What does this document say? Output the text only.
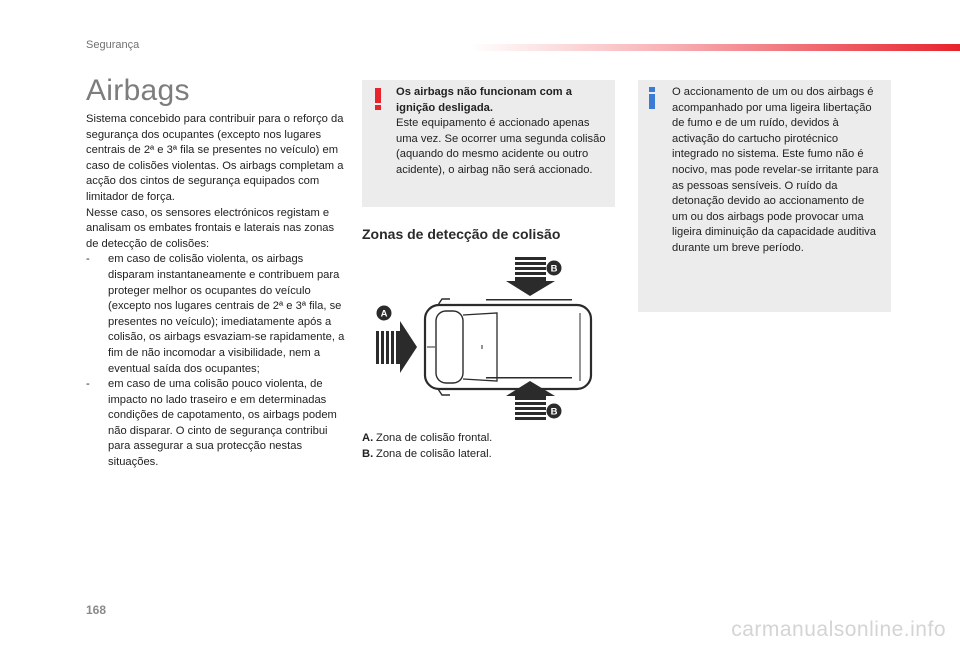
Segurança
Airbags

Sistema concebido para contribuir para o reforço da segurança dos ocupantes (excepto nos lugares centrais de 2ª e 3ª fila se presentes no veículo) em caso de colisões violentas. Os airbags completam a acção dos cintos de segurança equipados com limitador de força.

Nesse caso, os sensores electrónicos registam e analisam os embates frontais e laterais nas zonas de detecção de colisões:

- em caso de colisão violenta, os airbags disparam instantaneamente e contribuem para proteger melhor os ocupantes do veículo (excepto nos lugares centrais de 2ª e 3ª fila, se presentes no veículo); imediatamente após a colisão, os airbags esvaziam-se rapidamente, a fim de não incomodar a visibilidade, nem a eventual saída dos ocupantes;
- em caso de uma colisão pouco violenta, de impacto no lado traseiro e em determinadas condições de capotamento, os airbags podem não disparar. O cinto de segurança contribui para assegurar a sua protecção nestas situações.
Os airbags não funcionam com a ignição desligada.
Este equipamento é accionado apenas uma vez. Se ocorrer uma segunda colisão (aquando do mesmo acidente ou outro acidente), o airbag não será accionado.
Zonas de detecção de colisão
B
A
B
A. Zona de colisão frontal.
B. Zona de colisão lateral.
O accionamento de um ou dos airbags é acompanhado por uma ligeira libertação de fumo e de um ruído, devidos à activação do cartucho pirotécnico integrado no sistema. Este fumo não é nocivo, mas pode revelar-se irritante para as pessoas sensíveis. O ruído da detonação devido ao accionamento de um ou dos airbags pode provocar uma ligeira diminuição da capacidade auditiva durante um breve período.
168
carmanualsonline.info
